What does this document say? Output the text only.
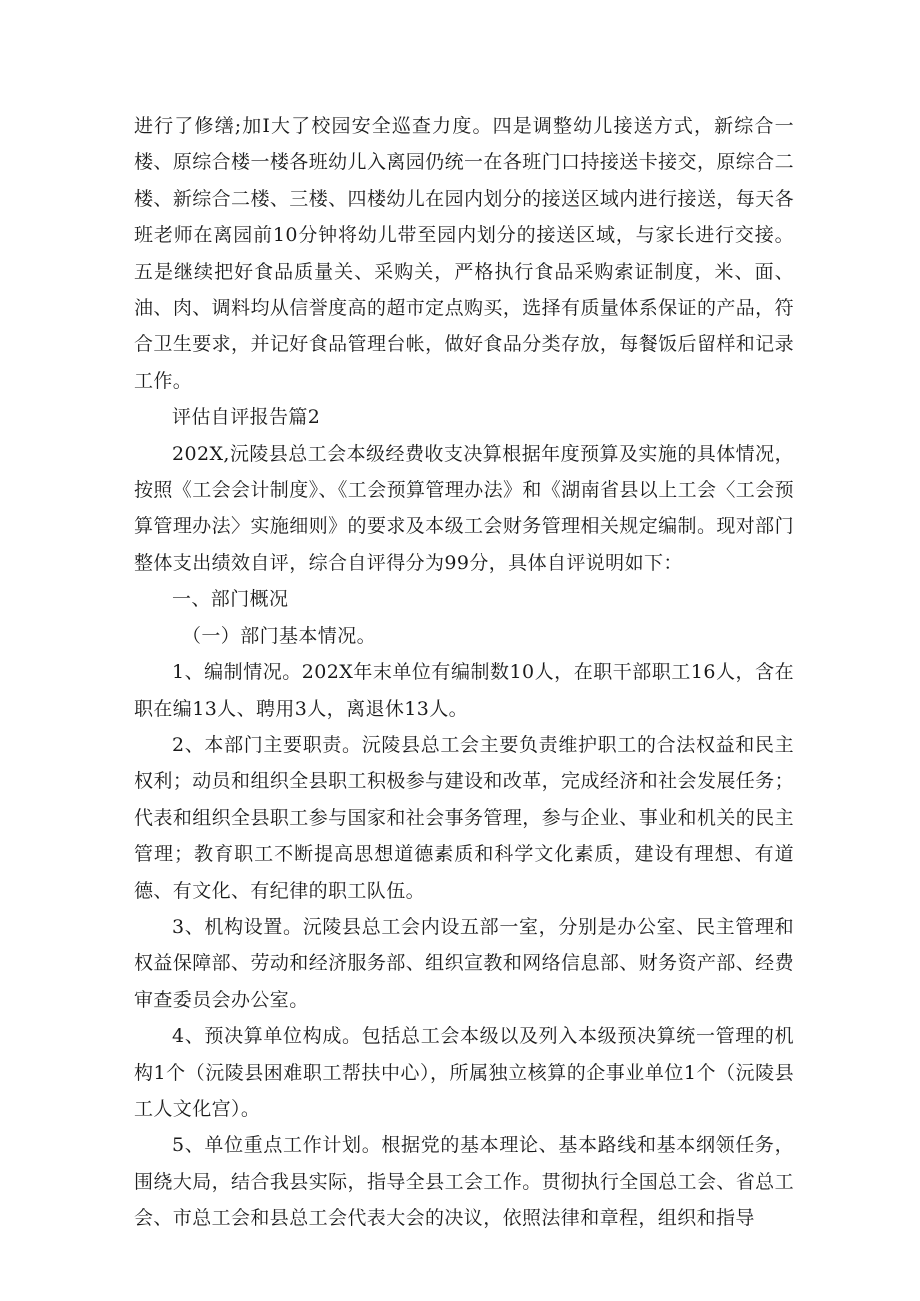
进行了修缮;加I大了校园安全巡查力度。四是调整幼儿接送方式，新综合一楼、原综合楼一楼各班幼儿入离园仍统一在各班门口持接送卡接交，原综合二楼、新综合二楼、三楼、四楼幼儿在园内划分的接送区域内进行接送，每天各班老师在离园前10分钟将幼儿带至园内划分的接送区域，与家长进行交接。五是继续把好食品质量关、采购关，严格执行食品采购索证制度，米、面、油、肉、调料均从信誉度高的超市定点购买，选择有质量体系保证的产品，符合卫生要求，并记好食品管理台帐，做好食品分类存放，每餐饭后留样和记录工作。

评估自评报告篇2

202X,沅陵县总工会本级经费收支决算根据年度预算及实施的具体情况，按照《工会会计制度》、《工会预算管理办法》和《湖南省县以上工会〈工会预算管理办法〉实施细则》的要求及本级工会财务管理相关规定编制。现对部门整体支出绩效自评，综合自评得分为99分，具体自评说明如下：

一、部门概况

（一）部门基本情况。

1、编制情况。202X年末单位有编制数10人，在职干部职工16人，含在职在编13人、聘用3人，离退休13人。

2、本部门主要职责。沅陵县总工会主要负责维护职工的合法权益和民主权利；动员和组织全县职工积极参与建设和改革，完成经济和社会发展任务；代表和组织全县职工参与国家和社会事务管理，参与企业、事业和机关的民主管理；教育职工不断提高思想道德素质和科学文化素质，建设有理想、有道德、有文化、有纪律的职工队伍。

3、机构设置。沅陵县总工会内设五部一室，分别是办公室、民主管理和权益保障部、劳动和经济服务部、组织宣教和网络信息部、财务资产部、经费审查委员会办公室。

4、预决算单位构成。包括总工会本级以及列入本级预决算统一管理的机构1个（沅陵县困难职工帮扶中心），所属独立核算的企事业单位1个（沅陵县工人文化宫）。

5、单位重点工作计划。根据党的基本理论、基本路线和基本纲领任务，围绕大局，结合我县实际，指导全县工会工作。贯彻执行全国总工会、省总工会、市总工会和县总工会代表大会的决议，依照法律和章程，组织和指导
